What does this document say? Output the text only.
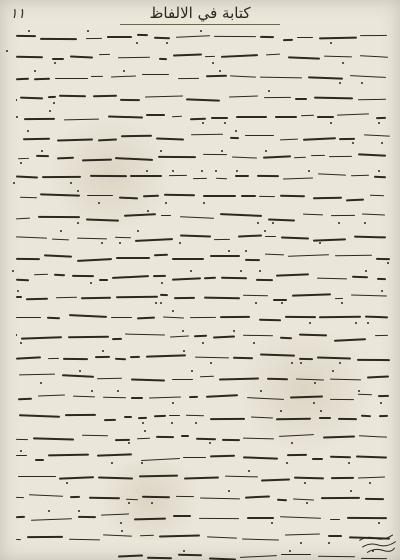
١١	كتابة في الالفاظ
